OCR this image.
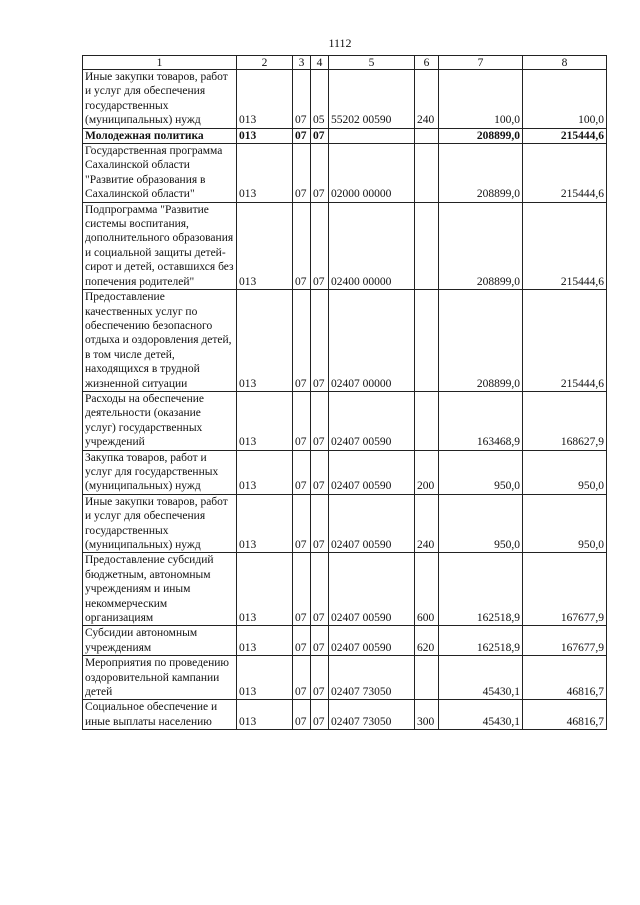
1112
1	2	3	4	5	6	7	8
Иные закупки товаров, работ и услуг для обеспечения государственных (муниципальных) нужд	013	07	05	55202 00590	240	100,0	100,0
Молодежная политика	013	07	07			208899,0	215444,6
Государственная программа Сахалинской области "Развитие образования в Сахалинской области"	013	07	07	02000 00000		208899,0	215444,6
Подпрограмма "Развитие системы воспитания, дополнительного образования и социальной защиты детей-сирот и детей, оставшихся без попечения родителей"	013	07	07	02400 00000		208899,0	215444,6
Предоставление качественных услуг по обеспечению безопасного отдыха и оздоровления детей, в том числе детей, находящихся в трудной жизненной ситуации	013	07	07	02407 00000		208899,0	215444,6
Расходы на обеспечение деятельности (оказание услуг) государственных учреждений	013	07	07	02407 00590		163468,9	168627,9
Закупка товаров, работ и услуг для государственных (муниципальных) нужд	013	07	07	02407 00590	200	950,0	950,0
Иные закупки товаров, работ и услуг для обеспечения государственных (муниципальных) нужд	013	07	07	02407 00590	240	950,0	950,0
Предоставление субсидий бюджетным, автономным учреждениям и иным некоммерческим организациям	013	07	07	02407 00590	600	162518,9	167677,9
Субсидии автономным учреждениям	013	07	07	02407 00590	620	162518,9	167677,9
Мероприятия по проведению оздоровительной кампании детей	013	07	07	02407 73050		45430,1	46816,7
Социальное обеспечение и иные выплаты населению	013	07	07	02407 73050	300	45430,1	46816,7
